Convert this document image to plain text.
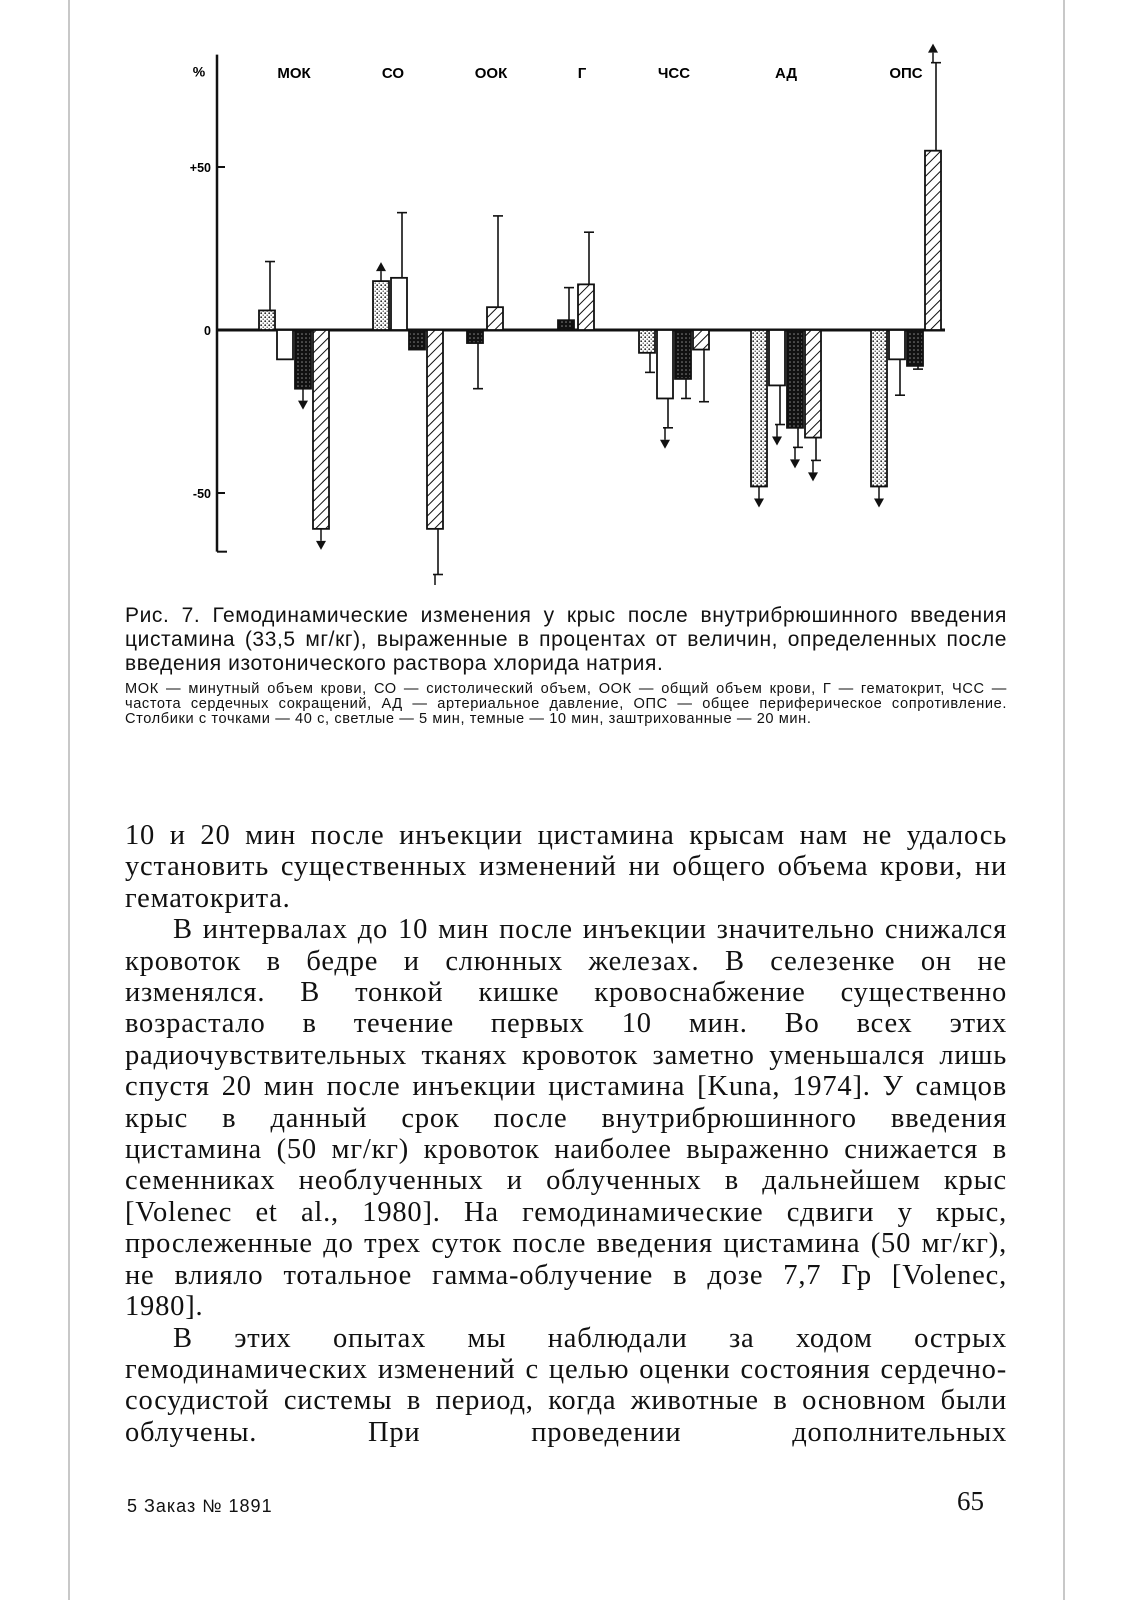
%
+50
0
-50
МОК	СО	ООК	Г	ЧСС	АД	ОПС
Рис. 7. Гемодинамические изменения у крыс после внутрибрюшинного введения цистамина (33,5 мг/кг), выраженные в процентах от величин, определенных после введения изотонического раствора хлорида натрия.
МОК — минутный объем крови, СО — систолический объем, ООК — общий объем крови, Г — гематокрит, ЧСС — частота сердечных сокращений, АД — артериальное давление, ОПС — общее периферическое сопротивление. Столбики с точками — 40 с, светлые — 5 мин, темные — 10 мин, заштрихованные — 20 мин.

10 и 20 мин после инъекции цистамина крысам нам не удалось установить существенных изменений ни общего объема крови, ни гематокрита.

В интервалах до 10 мин после инъекции значительно снижался кровоток в бедре и слюнных железах. В селезенке он не изменялся. В тонкой кишке кровоснабжение существенно возрастало в течение первых 10 мин. Во всех этих радиочувствительных тканях кровоток заметно уменьшался лишь спустя 20 мин после инъекции цистамина [Kuna, 1974]. У самцов крыс в данный срок после внутрибрюшинного введения цистамина (50 мг/кг) кровоток наиболее выраженно снижается в семенниках необлученных и облученных в дальнейшем крыс [Volenec et al., 1980]. На гемодинамические сдвиги у крыс, прослеженные до трех суток после введения цистамина (50 мг/кг), не влияло тотальное гамма-облучение в дозе 7,7 Гр [Volenec, 1980].

В этих опытах мы наблюдали за ходом острых гемодинамических изменений с целью оценки состояния сердечно-сосудистой системы в период, когда животные в основном были облучены. При проведении дополнительных

5 Заказ № 1891	65
